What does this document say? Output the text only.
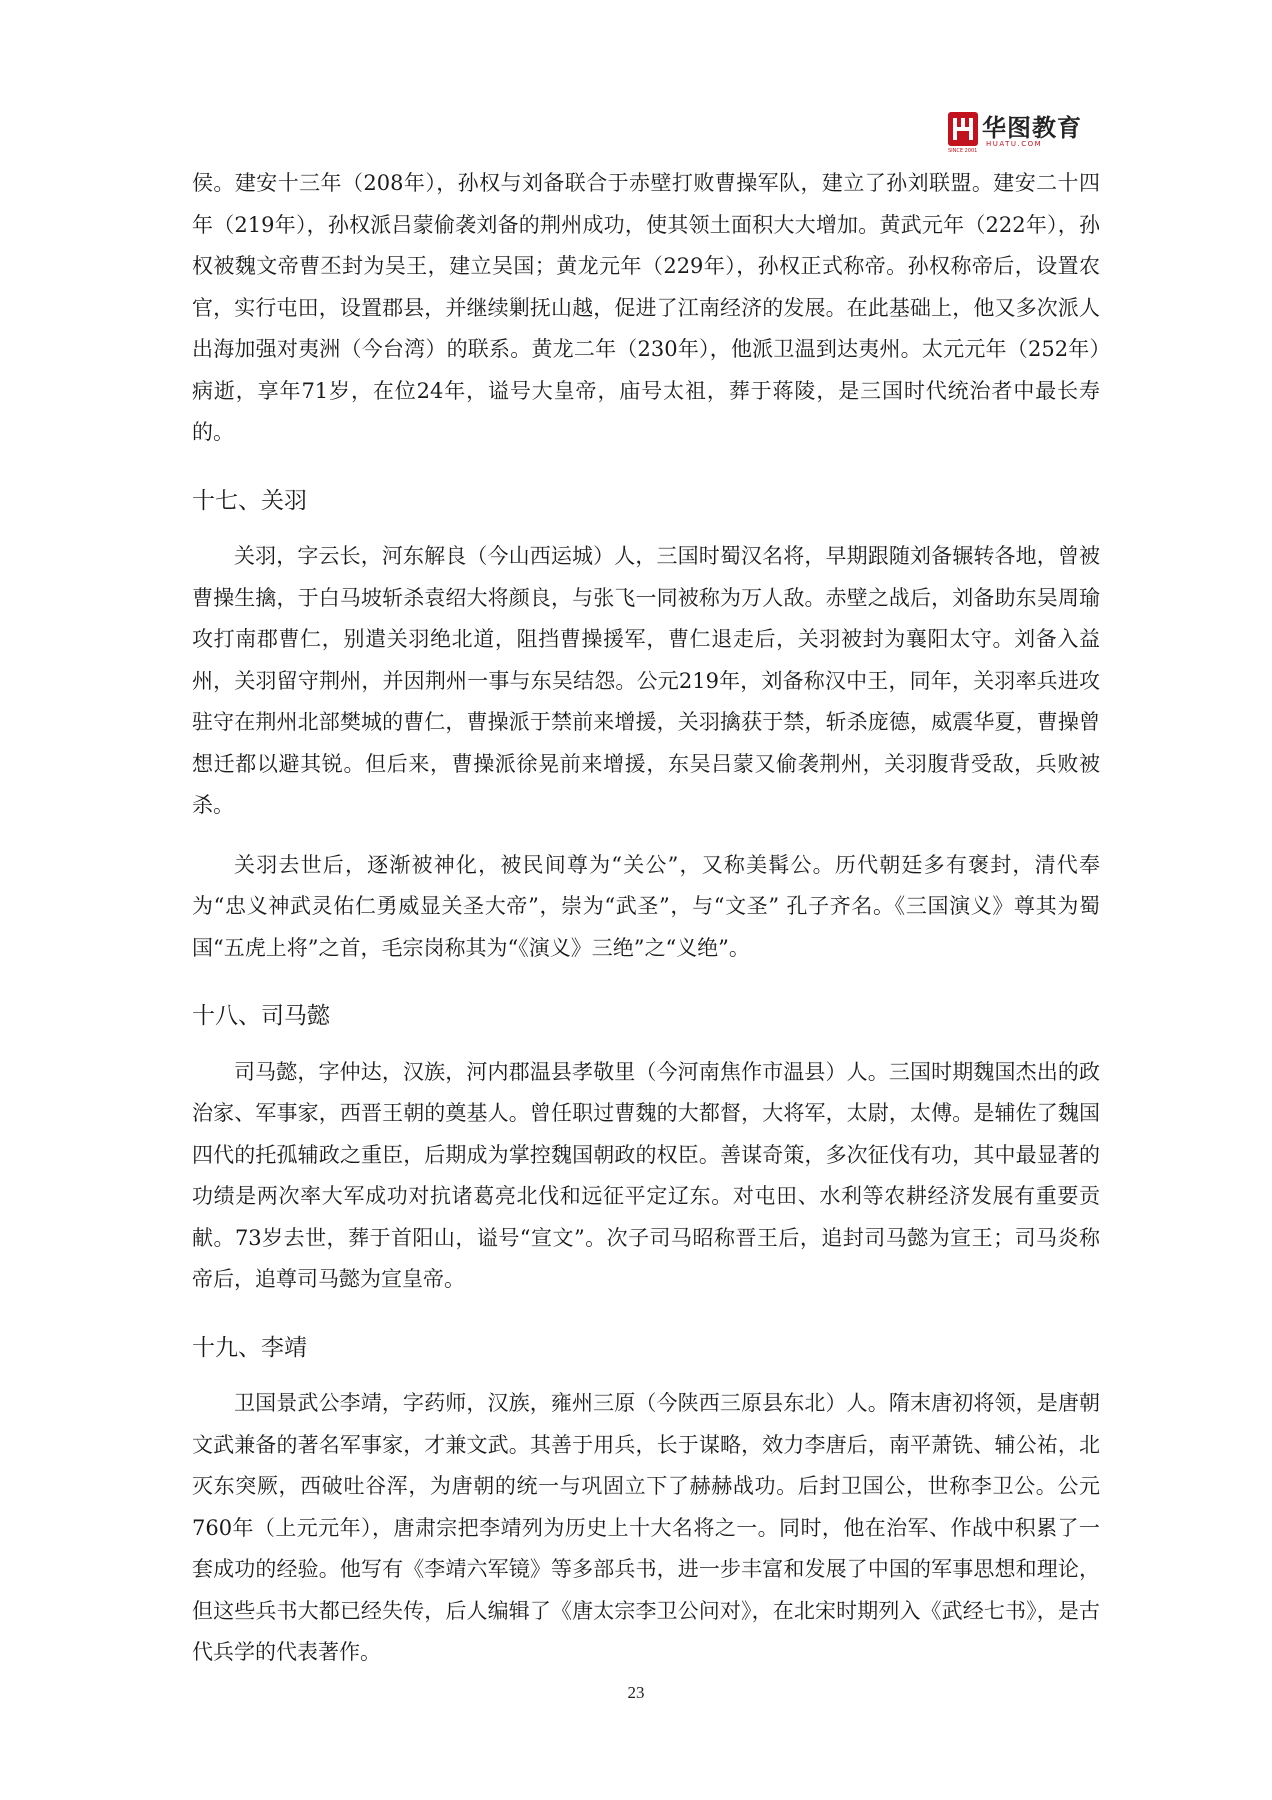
华图教育
HUATU.COM
SINCE 2001

侯。建安十三年（208年），孙权与刘备联合于赤壁打败曹操军队，建立了孙刘联盟。建安二十四年（219年），孙权派吕蒙偷袭刘备的荆州成功，使其领土面积大大增加。黄武元年（222年），孙权被魏文帝曹丕封为吴王，建立吴国；黄龙元年（229年），孙权正式称帝。孙权称帝后，设置农官，实行屯田，设置郡县，并继续剿抚山越，促进了江南经济的发展。在此基础上，他又多次派人出海加强对夷洲（今台湾）的联系。黄龙二年（230年），他派卫温到达夷州。太元元年（252年）病逝，享年71岁，在位24年，谥号大皇帝，庙号太祖，葬于蒋陵，是三国时代统治者中最长寿的。

十七、关羽

关羽，字云长，河东解良（今山西运城）人，三国时蜀汉名将，早期跟随刘备辗转各地，曾被曹操生擒，于白马坡斩杀袁绍大将颜良，与张飞一同被称为万人敌。赤壁之战后，刘备助东吴周瑜攻打南郡曹仁，别遣关羽绝北道，阻挡曹操援军，曹仁退走后，关羽被封为襄阳太守。刘备入益州，关羽留守荆州，并因荆州一事与东吴结怨。公元219年，刘备称汉中王，同年，关羽率兵进攻驻守在荆州北部樊城的曹仁，曹操派于禁前来增援，关羽擒获于禁，斩杀庞德，威震华夏，曹操曾想迁都以避其锐。但后来，曹操派徐晃前来增援，东吴吕蒙又偷袭荆州，关羽腹背受敌，兵败被杀。

关羽去世后，逐渐被神化，被民间尊为“关公”，又称美髯公。历代朝廷多有褒封，清代奉为“忠义神武灵佑仁勇威显关圣大帝”，崇为“武圣”，与“文圣” 孔子齐名。《三国演义》尊其为蜀国“五虎上将”之首，毛宗岗称其为“《演义》三绝”之“义绝”。

十八、司马懿

司马懿，字仲达，汉族，河内郡温县孝敬里（今河南焦作市温县）人。三国时期魏国杰出的政治家、军事家，西晋王朝的奠基人。曾任职过曹魏的大都督，大将军，太尉，太傅。是辅佐了魏国四代的托孤辅政之重臣，后期成为掌控魏国朝政的权臣。善谋奇策，多次征伐有功，其中最显著的功绩是两次率大军成功对抗诸葛亮北伐和远征平定辽东。对屯田、水利等农耕经济发展有重要贡献。73岁去世，葬于首阳山，谥号“宣文”。次子司马昭称晋王后，追封司马懿为宣王；司马炎称帝后，追尊司马懿为宣皇帝。

十九、李靖

卫国景武公李靖，字药师，汉族，雍州三原（今陕西三原县东北）人。隋末唐初将领，是唐朝文武兼备的著名军事家，才兼文武。其善于用兵，长于谋略，效力李唐后，南平萧铣、辅公祐，北灭东突厥，西破吐谷浑，为唐朝的统一与巩固立下了赫赫战功。后封卫国公，世称李卫公。公元760年（上元元年），唐肃宗把李靖列为历史上十大名将之一。同时，他在治军、作战中积累了一套成功的经验。他写有《李靖六军镜》等多部兵书，进一步丰富和发展了中国的军事思想和理论，但这些兵书大都已经失传，后人编辑了《唐太宗李卫公问对》，在北宋时期列入《武经七书》，是古代兵学的代表著作。

23
